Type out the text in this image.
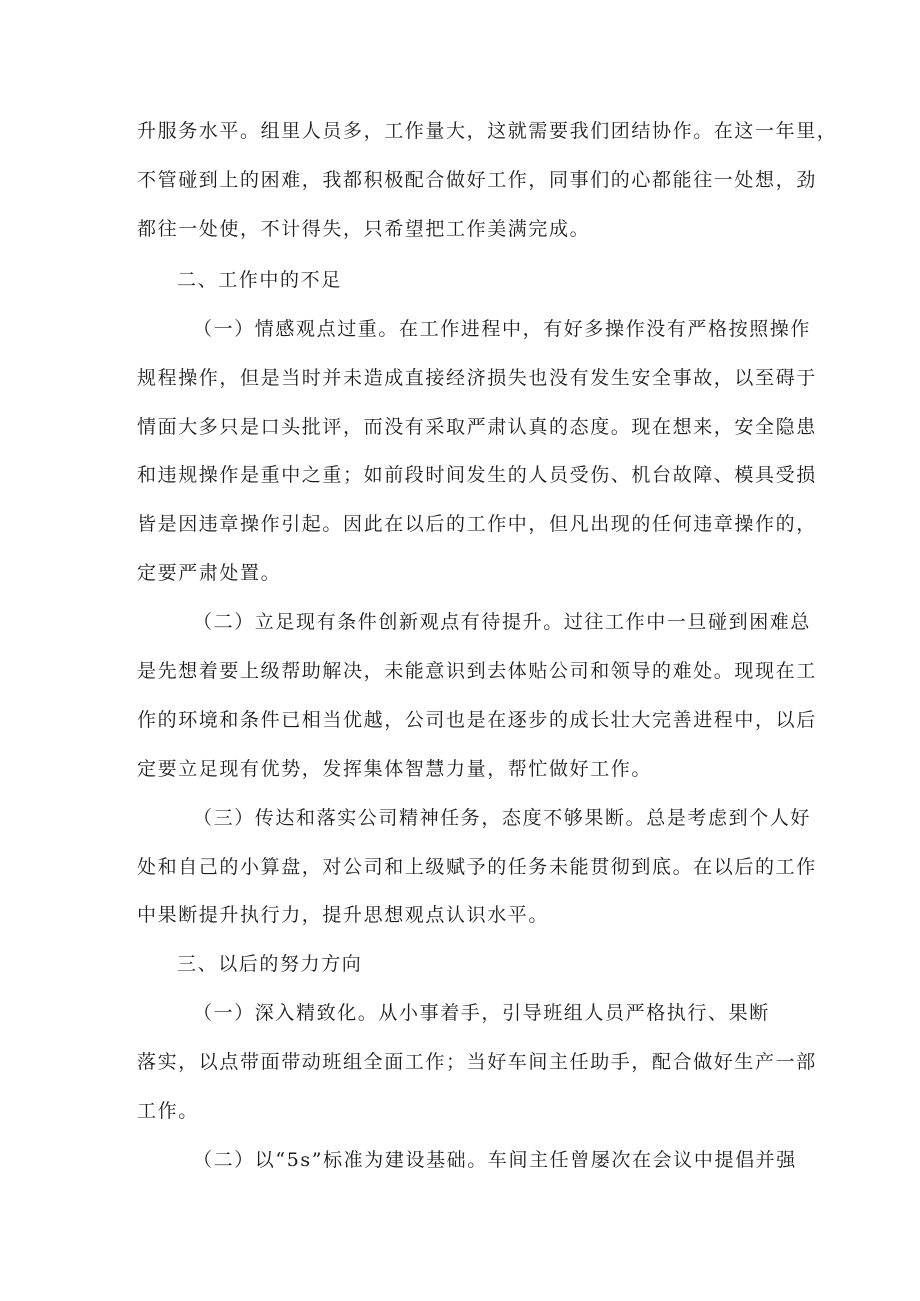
升服务水平。组里人员多，工作量大，这就需要我们团结协作。在这一年里，
不管碰到上的困难，我都积极配合做好工作，同事们的心都能往一处想，劲
都往一处使，不计得失，只希望把工作美满完成。
二、工作中的不足
（一）情感观点过重。在工作进程中，有好多操作没有严格按照操作
规程操作，但是当时并未造成直接经济损失也没有发生安全事故，以至碍于
情面大多只是口头批评，而没有采取严肃认真的态度。现在想来，安全隐患
和违规操作是重中之重；如前段时间发生的人员受伤、机台故障、模具受损
皆是因违章操作引起。因此在以后的工作中，但凡出现的任何违章操作的，
定要严肃处置。
（二）立足现有条件创新观点有待提升。过往工作中一旦碰到困难总
是先想着要上级帮助解决，未能意识到去体贴公司和领导的难处。现现在工
作的环境和条件已相当优越，公司也是在逐步的成长壮大完善进程中，以后
定要立足现有优势，发挥集体智慧力量，帮忙做好工作。
（三）传达和落实公司精神任务，态度不够果断。总是考虑到个人好
处和自己的小算盘，对公司和上级赋予的任务未能贯彻到底。在以后的工作
中果断提升执行力，提升思想观点认识水平。
三、以后的努力方向
（一）深入精致化。从小事着手，引导班组人员严格执行、果断
落实，以点带面带动班组全面工作；当好车间主任助手，配合做好生产一部
工作。
（二）以“5s”标准为建设基础。车间主任曾屡次在会议中提倡并强
